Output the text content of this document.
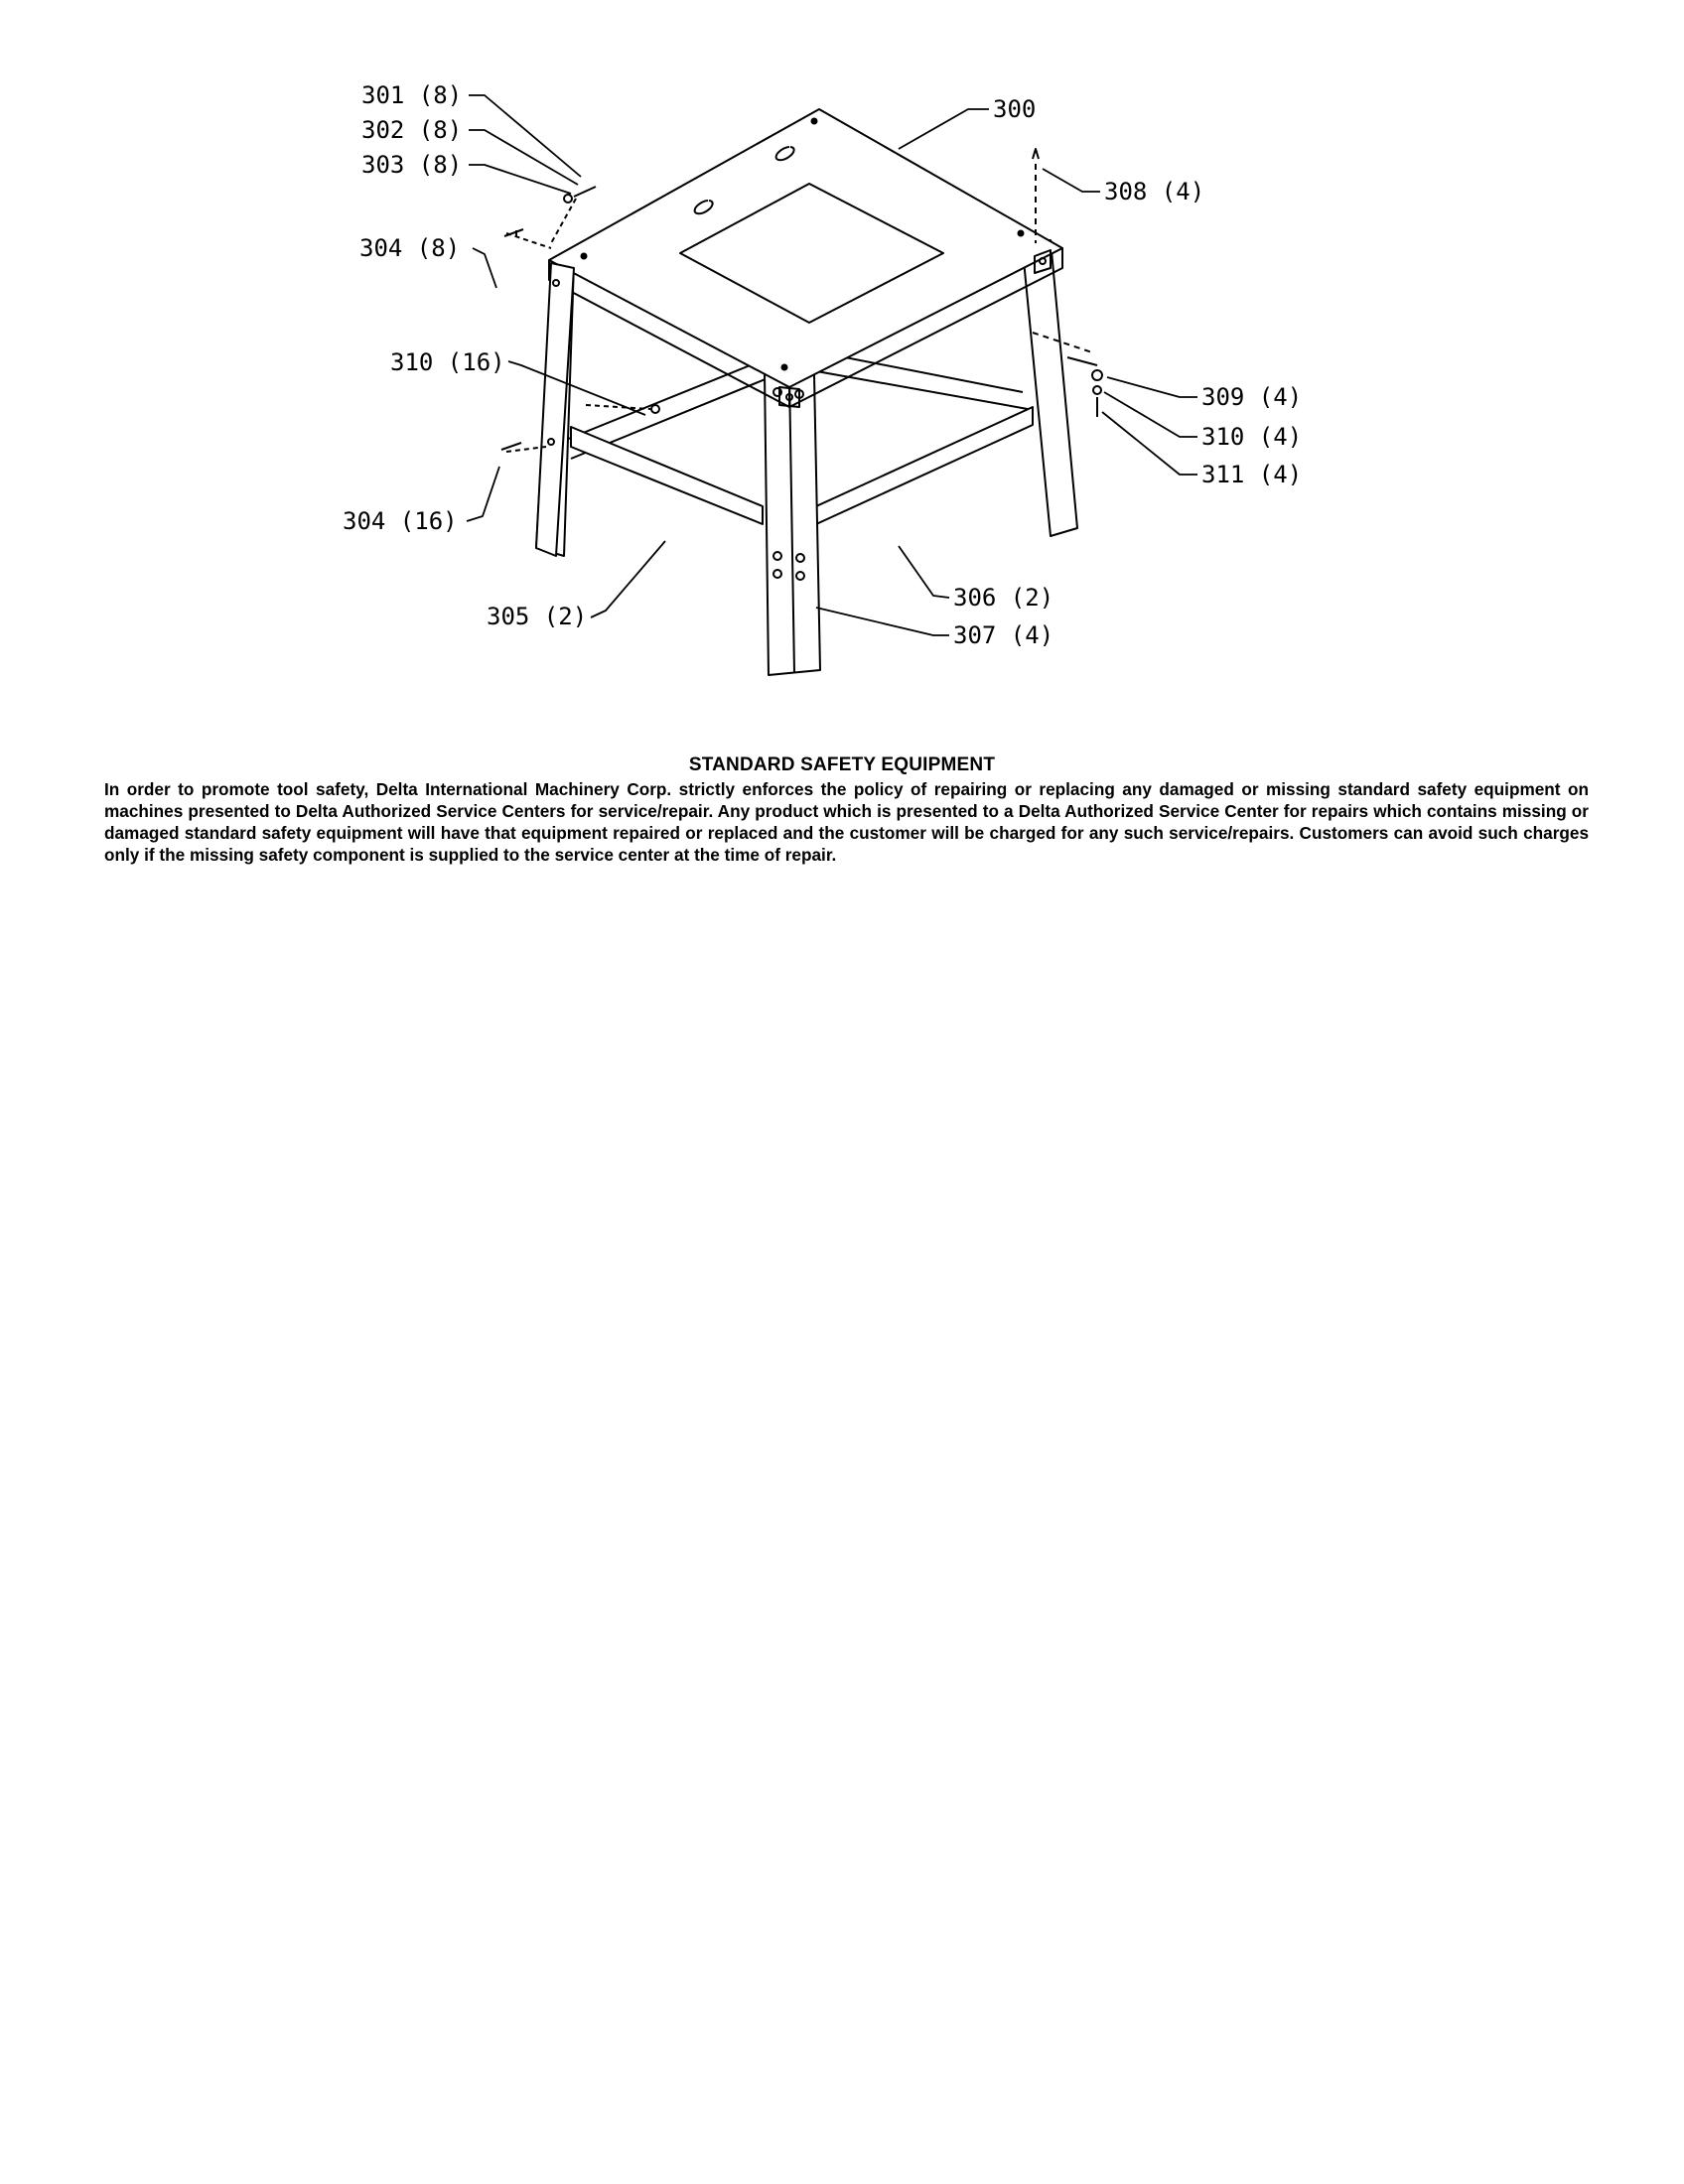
301 (8)
302 (8)
303 (8)
304 (8)
310 (16)
304 (16)
305 (2)
300
308 (4)
309 (4)
310 (4)
311 (4)
306 (2)
307 (4)
STANDARD SAFETY EQUIPMENT
In order to promote tool safety, Delta International Machinery Corp. strictly enforces the policy of repairing or replacing any damaged or missing standard safety equipment on machines presented to Delta Authorized Service Centers for service/repair. Any product which is presented to a Delta Authorized Service Center for repairs which contains missing or damaged standard safety equipment will have that equipment repaired or replaced and the customer will be charged for any such service/repairs. Customers can avoid such charges only if the missing safety component is supplied to the service center at the time of repair.
